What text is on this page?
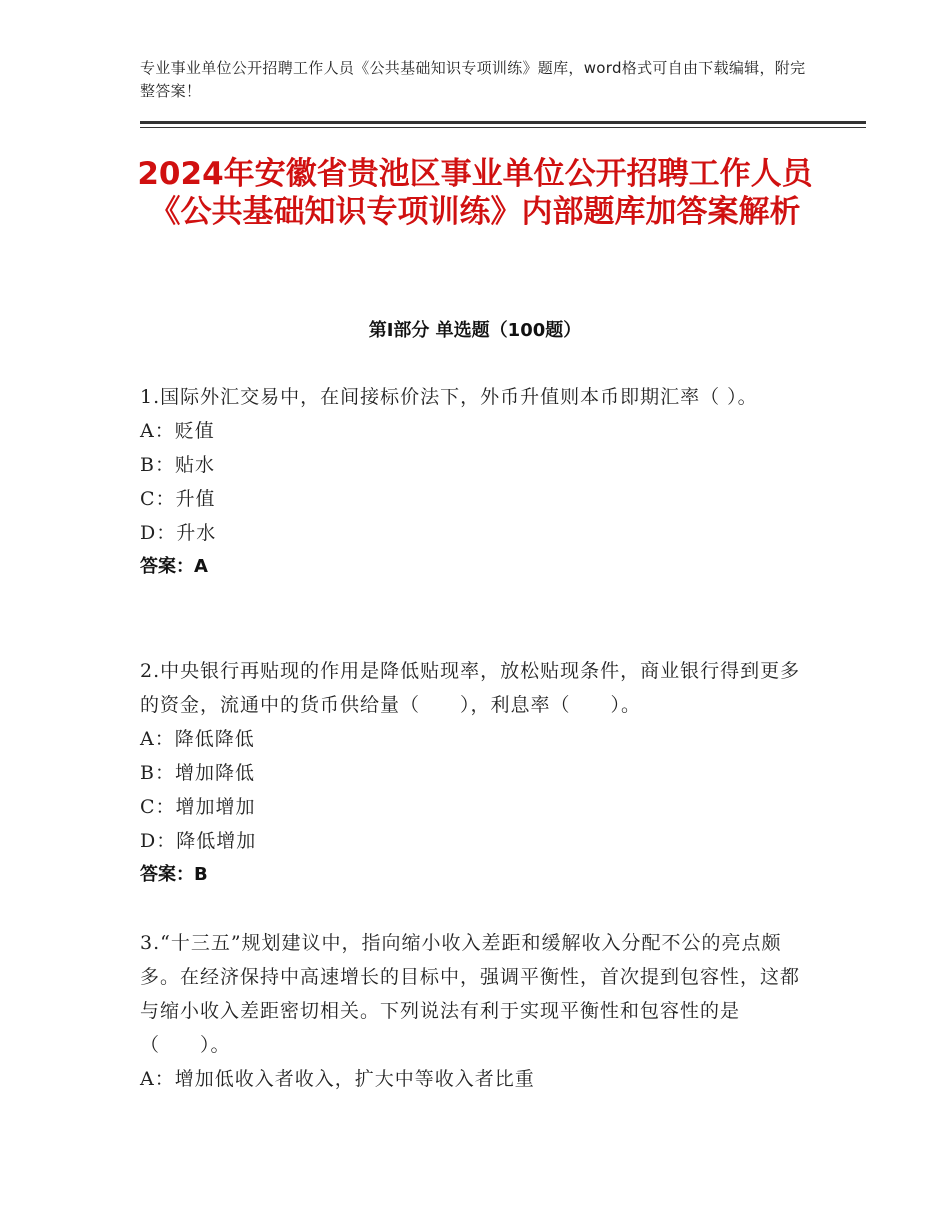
专业事业单位公开招聘工作人员《公共基础知识专项训练》题库，word格式可自由下载编辑，附完整答案！
2024年安徽省贵池区事业单位公开招聘工作人员《公共基础知识专项训练》内部题库加答案解析
第Ⅰ部分 单选题（100题）

1.国际外汇交易中，在间接标价法下，外币升值则本币即期汇率（ ）。

A：贬值

B：贴水

C：升值

D：升水

答案：A

2.中央银行再贴现的作用是降低贴现率，放松贴现条件，商业银行得到更多的资金，流通中的货币供给量（　　），利息率（　　）。

A：降低降低

B：增加降低

C：增加增加

D：降低增加

答案：B

3.“十三五”规划建议中，指向缩小收入差距和缓解收入分配不公的亮点颇多。在经济保持中高速增长的目标中，强调平衡性，首次提到包容性，这都与缩小收入差距密切相关。下列说法有利于实现平衡性和包容性的是（　　）。

A：增加低收入者收入，扩大中等收入者比重
